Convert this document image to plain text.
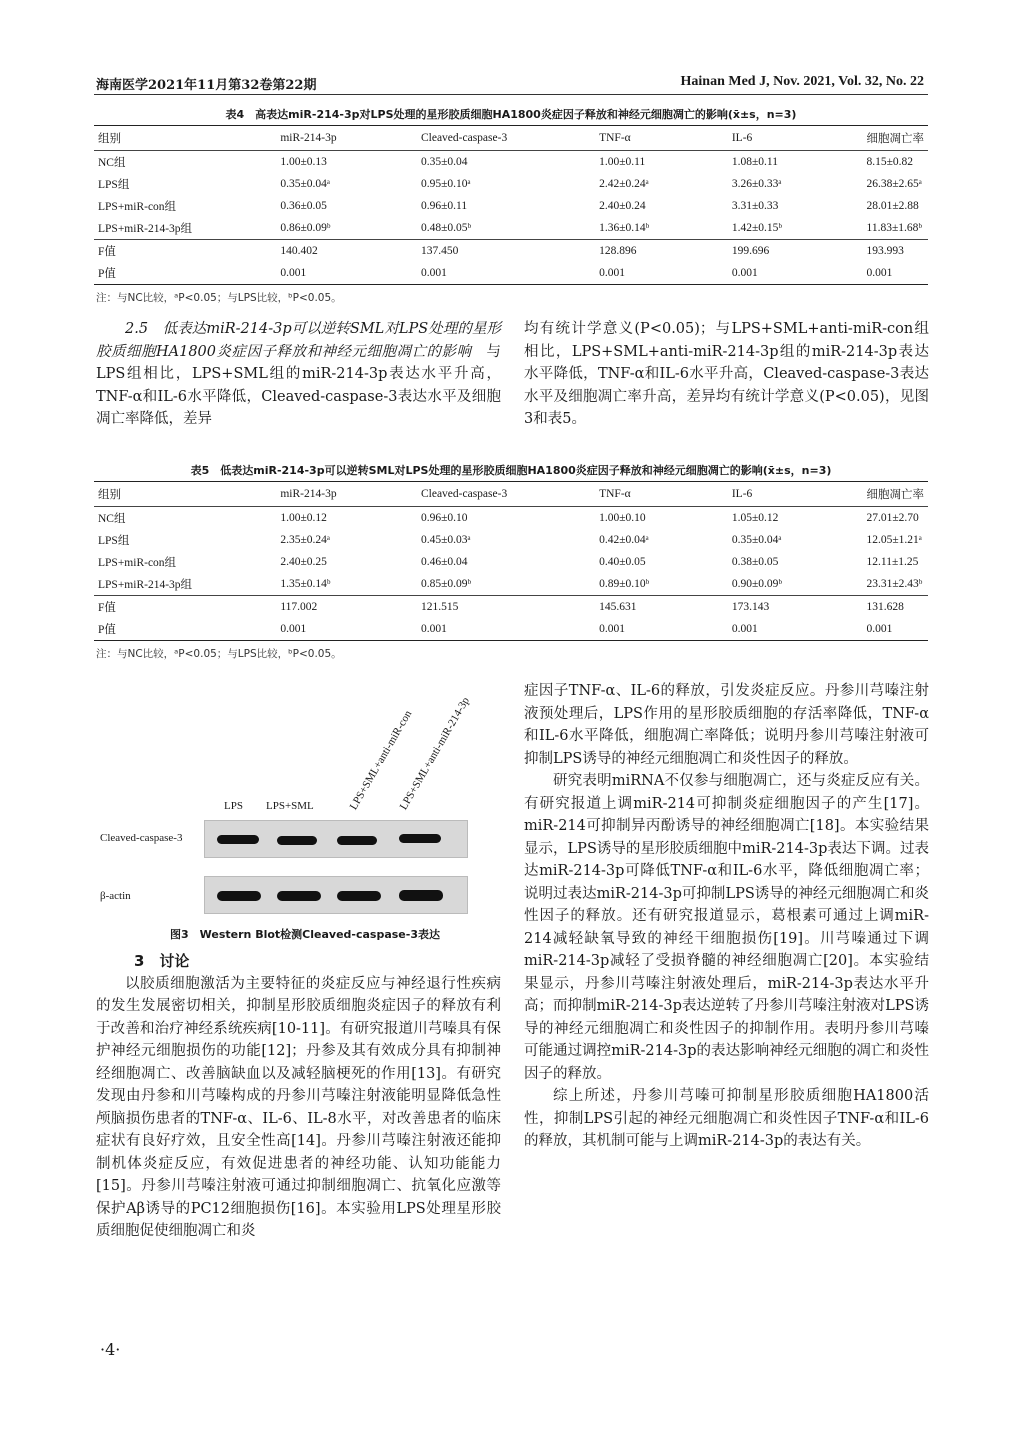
海南医学2021年11月第32卷第22期	Hainan Med J, Nov. 2021, Vol. 32, No. 22
表4　高表达miR-214-3p对LPS处理的星形胶质细胞HA1800炎症因子释放和神经元细胞凋亡的影响(x̄±s，n=3)
组别	miR-214-3p	Cleaved-caspase-3	TNF-α	IL-6	细胞凋亡率
NC组	1.00±0.13	0.35±0.04	1.00±0.11	1.08±0.11	8.15±0.82
LPS组	0.35±0.04ᵃ	0.95±0.10ᵃ	2.42±0.24ᵃ	3.26±0.33ᵃ	26.38±2.65ᵃ
LPS+miR-con组	0.36±0.05	0.96±0.11	2.40±0.24	3.31±0.33	28.01±2.88
LPS+miR-214-3p组	0.86±0.09ᵇ	0.48±0.05ᵇ	1.36±0.14ᵇ	1.42±0.15ᵇ	11.83±1.68ᵇ
F值	140.402	137.450	128.896	199.696	193.993
P值	0.001	0.001	0.001	0.001	0.001
注：与NC比较，ᵃP<0.05；与LPS比较，ᵇP<0.05。

2.5　低表达miR-214-3p可以逆转SML对LPS处理的星形胶质细胞HA1800炎症因子释放和神经元细胞凋亡的影响　 与LPS组相比，LPS+SML组的miR-214-3p表达水平升高，TNF-α和IL-6水平降低，Cleaved-caspase-3表达水平及细胞凋亡率降低，差异

均有统计学意义(P<0.05)；与LPS+SML+anti-miR-con组相比，LPS+SML+anti-miR-214-3p组的miR-214-3p表达水平降低，TNF-α和IL-6水平升高，Cleaved-caspase-3表达水平及细胞凋亡率升高，差异均有统计学意义(P<0.05)，见图3和表5。

表5　低表达miR-214-3p可以逆转SML对LPS处理的星形胶质细胞HA1800炎症因子释放和神经元细胞凋亡的影响(x̄±s，n=3)
组别	miR-214-3p	Cleaved-caspase-3	TNF-α	IL-6	细胞凋亡率
NC组	1.00±0.12	0.96±0.10	1.00±0.10	1.05±0.12	27.01±2.70
LPS组	2.35±0.24ᵃ	0.45±0.03ᵃ	0.42±0.04ᵃ	0.35±0.04ᵃ	12.05±1.21ᵃ
LPS+miR-con组	2.40±0.25	0.46±0.04	0.40±0.05	0.38±0.05	12.11±1.25
LPS+miR-214-3p组	1.35±0.14ᵇ	0.85±0.09ᵇ	0.89±0.10ᵇ	0.90±0.09ᵇ	23.31±2.43ᵇ
F值	117.002	121.515	145.631	173.143	131.628
P值	0.001	0.001	0.001	0.001	0.001
注：与NC比较，ᵃP<0.05；与LPS比较，ᵇP<0.05。
LPS LPS+SML	LPS+SML+anti-miR-con
LPS+SML+anti-miR-214-3p
Cleaved-caspase-3
β-actin
图3　Western Blot检测Cleaved-caspase-3表达

3　讨论

以胶质细胞激活为主要特征的炎症反应与神经退行性疾病的发生发展密切相关，抑制星形胶质细胞炎症因子的释放有利于改善和治疗神经系统疾病[10-11]。有研究报道川芎嗪具有保护神经元细胞损伤的功能[12]；丹参及其有效成分具有抑制神经细胞凋亡、改善脑缺血以及减轻脑梗死的作用[13]。有研究发现由丹参和川芎嗪构成的丹参川芎嗪注射液能明显降低急性颅脑损伤患者的TNF-α、IL-6、IL-8水平，对改善患者的临床症状有良好疗效，且安全性高[14]。丹参川芎嗪注射液还能抑制机体炎症反应，有效促进患者的神经功能、认知功能能力[15]。丹参川芎嗪注射液可通过抑制细胞凋亡、抗氧化应激等保护Aβ诱导的PC12细胞损伤[16]。本实验用LPS处理星形胶质细胞促使细胞凋亡和炎

症因子TNF-α、IL-6的释放，引发炎症反应。丹参川芎嗪注射液预处理后，LPS作用的星形胶质细胞的存活率降低，TNF-α和IL-6水平降低，细胞凋亡率降低；说明丹参川芎嗪注射液可抑制LPS诱导的神经元细胞凋亡和炎性因子的释放。

研究表明miRNA不仅参与细胞凋亡，还与炎症反应有关。有研究报道上调miR-214可抑制炎症细胞因子的产生[17]。miR-214可抑制异丙酚诱导的神经细胞凋亡[18]。本实验结果显示，LPS诱导的星形胶质细胞中miR-214-3p表达下调。过表达miR-214-3p可降低TNF-α和IL-6水平，降低细胞凋亡率；说明过表达miR-214-3p可抑制LPS诱导的神经元细胞凋亡和炎性因子的释放。还有研究报道显示，葛根素可通过上调miR-214减轻缺氧导致的神经干细胞损伤[19]。川芎嗪通过下调miR-214-3p减轻了受损脊髓的神经细胞凋亡[20]。本实验结果显示，丹参川芎嗪注射液处理后，miR-214-3p表达水平升高；而抑制miR-214-3p表达逆转了丹参川芎嗪注射液对LPS诱导的神经元细胞凋亡和炎性因子的抑制作用。表明丹参川芎嗪可能通过调控miR-214-3p的表达影响神经元细胞的凋亡和炎性因子的释放。

综上所述，丹参川芎嗪可抑制星形胶质细胞HA1800活性，抑制LPS引起的神经元细胞凋亡和炎性因子TNF-α和IL-6的释放，其机制可能与上调miR-214-3p的表达有关。

·4·
